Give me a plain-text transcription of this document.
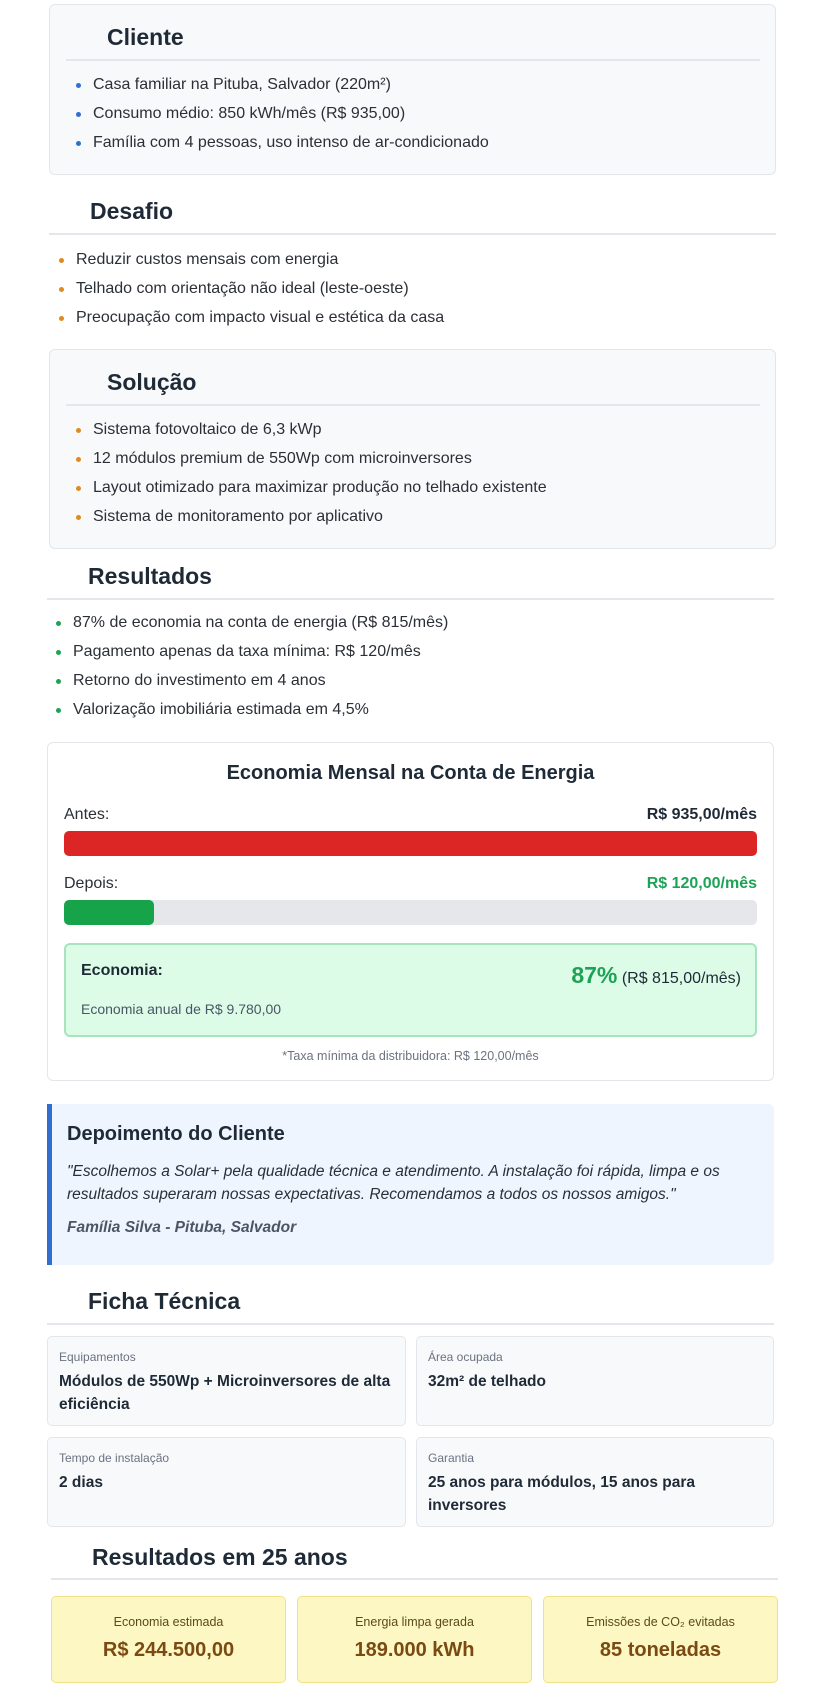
Cliente
Casa familiar na Pituba, Salvador (220m²)
Consumo médio: 850 kWh/mês (R$ 935,00)
Família com 4 pessoas, uso intenso de ar-condicionado
Desafio
Reduzir custos mensais com energia
Telhado com orientação não ideal (leste-oeste)
Preocupação com impacto visual e estética da casa
Solução
Sistema fotovoltaico de 6,3 kWp
12 módulos premium de 550Wp com microinversores
Layout otimizado para maximizar produção no telhado existente
Sistema de monitoramento por aplicativo
Resultados
87% de economia na conta de energia (R$ 815/mês)
Pagamento apenas da taxa mínima: R$ 120/mês
Retorno do investimento em 4 anos
Valorização imobiliária estimada em 4,5%
Economia Mensal na Conta de Energia
Antes:	R$ 935,00/mês
Depois:	R$ 120,00/mês
Economia:	87% (R$ 815,00/mês)
Economia anual de R$ 9.780,00
*Taxa mínima da distribuidora: R$ 120,00/mês
Depoimento do Cliente
"Escolhemos a Solar+ pela qualidade técnica e atendimento. A instalação foi rápida, limpa e os resultados superaram nossas expectativas. Recomendamos a todos os nossos amigos."
Família Silva - Pituba, Salvador
Ficha Técnica
Equipamentos
Módulos de 550Wp + Microinversores de alta eficiência
Área ocupada
32m² de telhado
Tempo de instalação
2 dias
Garantia
25 anos para módulos, 15 anos para inversores
Resultados em 25 anos
Economia estimada
R$ 244.500,00
Energia limpa gerada
189.000 kWh
Emissões de CO₂ evitadas
85 toneladas
